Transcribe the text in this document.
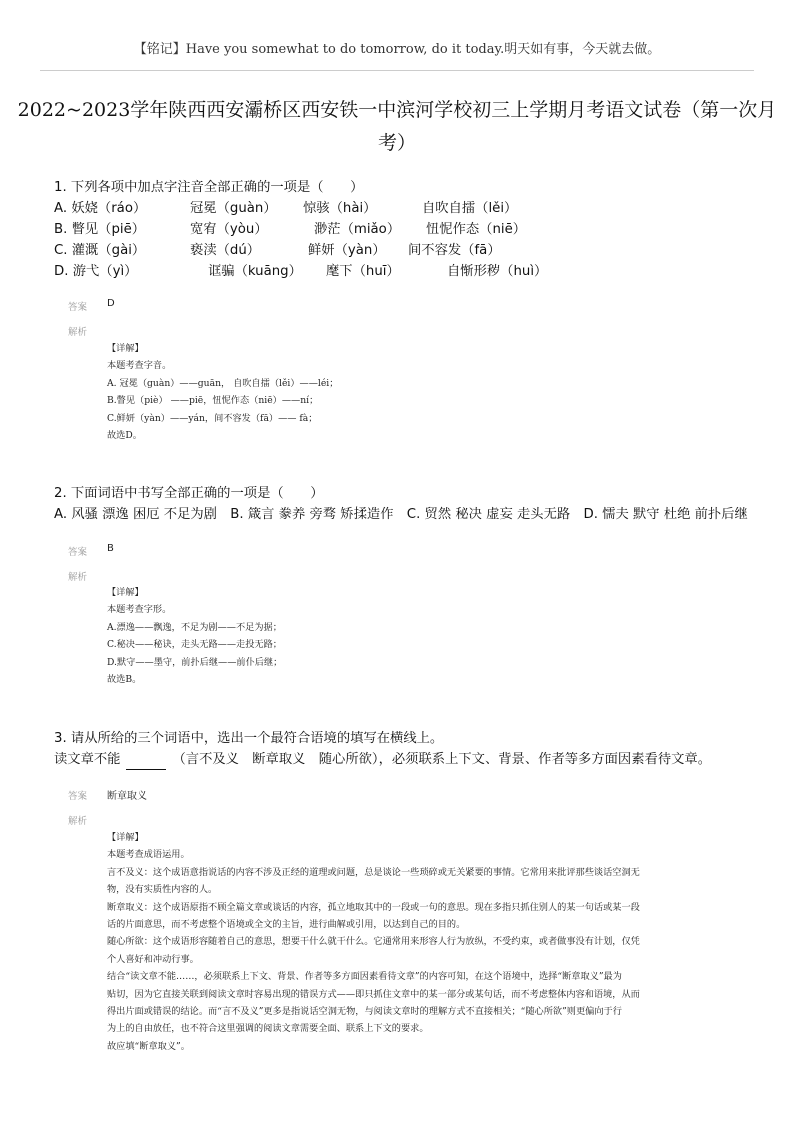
【铭记】Have you somewhat to do tomorrow, do it today.明天如有事，今天就去做。
2022~2023学年陕西西安灞桥区西安铁一中滨河学校初三上学期月考语文试卷（第一次月
考）
1. 下列各项中加点字注音全部正确的一项是（　　）
A. 妖娆（ráo）	冠冕（guàn） 惊骇（hài）	自吹自擂（lěi）
B. 瞥见（piē）	宽宥（yòu）	渺茫（miǎo） 忸怩作态（niē）
C. 灌溉（gài）	亵渎（dú）	鲜妍（yàn） 间不容发（fā）
D. 游弋（yì）	诓骗（kuāng） 麾下（huī）	自惭形秽（huì）
答案 D
解析

【详解】

本题考查字音。

A. 冠冕（guàn）——guān， 自吹自擂（lěi）——léi；

B.瞥见（piè） ——piē，忸怩作态（niē）——ní；

C.鲜妍（yàn）——yán，间不容发（fā）—— fà；

故选D。

2. 下面词语中书写全部正确的一项是（　　）
A. 风骚 漂逸 困厄 不足为剧　B. 箴言 豢养 旁骛 矫揉造作　C. 贸然 秘决 虚妄 走头无路　D. 懦夫 默守 杜绝 前扑后继
答案 B
解析

【详解】

本题考查字形。

A.漂逸——飘逸，不足为剧——不足为据；

C.秘决——秘诀，走头无路——走投无路；

D.默守——墨守，前扑后继——前仆后继；

故选B。

3. 请从所给的三个词语中，选出一个最符合语境的填写在横线上。
读文章不能	（言不及义　断章取义　随心所欲），必须联系上下文、背景、作者等多方面因素看待文章。
答案 断章取义
解析

【详解】

本题考查成语运用。

言不及义：这个成语意指说话的内容不涉及正经的道理或问题，总是谈论一些琐碎或无关紧要的事情。它常用来批评那些谈话空洞无

物，没有实质性内容的人。

断章取义：这个成语原指不顾全篇文章或谈话的内容，孤立地取其中的一段或一句的意思。现在多指只抓住别人的某一句话或某一段

话的片面意思，而不考虑整个语境或全文的主旨，进行曲解或引用，以达到自己的目的。

随心所欲：这个成语形容随着自己的意思，想要干什么就干什么。它通常用来形容人行为放纵，不受约束，或者做事没有计划，仅凭

个人喜好和冲动行事。

结合“读文章不能……，必须联系上下文、背景、作者等多方面因素看待文章”的内容可知，在这个语境中，选择“断章取义”最为

贴切，因为它直接关联到阅读文章时容易出现的错误方式——即只抓住文章中的某一部分或某句话，而不考虑整体内容和语境，从而

得出片面或错误的结论。而“言不及义”更多是指说话空洞无物，与阅读文章时的理解方式不直接相关；“随心所欲”则更偏向于行

为上的自由放任，也不符合这里强调的阅读文章需要全面、联系上下文的要求。

故应填“断章取义”。
